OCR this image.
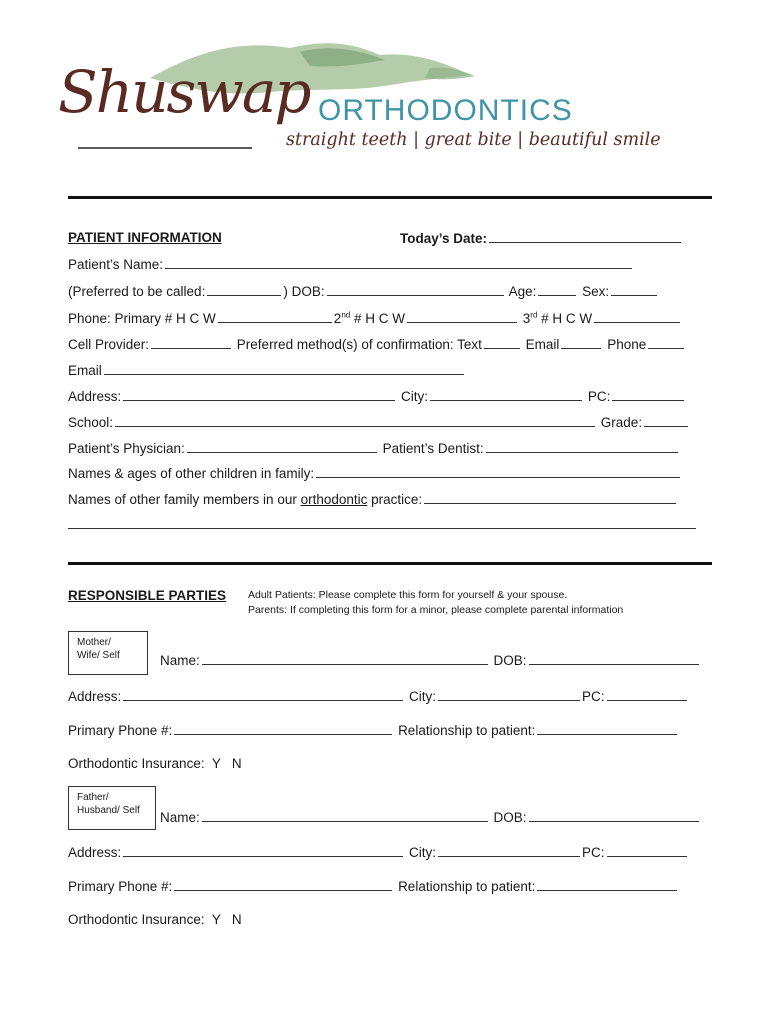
Shuswap ORTHODONTICS
straight teeth | great bite | beautiful smile
PATIENT INFORMATION	Today’s Date:
Patient’s Name:
(Preferred to be called:	) DOB:	Age:	Sex:
Phone: Primary # H C W	2nd # H C W	3rd # H C W
Cell Provider:	Preferred method(s) of confirmation: Text	Email	Phone
Email
Address:	City:	PC:
School:	Grade:
Patient’s Physician:	Patient’s Dentist:
Names & ages of other children in family:
Names of other family members in our orthodontic practice:
RESPONSIBLE PARTIES Adult Patients: Please complete this form for yourself & your spouse.
Parents: If completing this form for a minor, please complete parental information
Mother/
Wife/ Self	Name:	DOB:
Address:	City:	PC:
Primary Phone #:	Relationship to patient:
Orthodontic Insurance:  Y   N
Father/
Husband/ Self	Name:	DOB:
Address:	City:	PC:
Primary Phone #:	Relationship to patient:
Orthodontic Insurance:  Y   N
